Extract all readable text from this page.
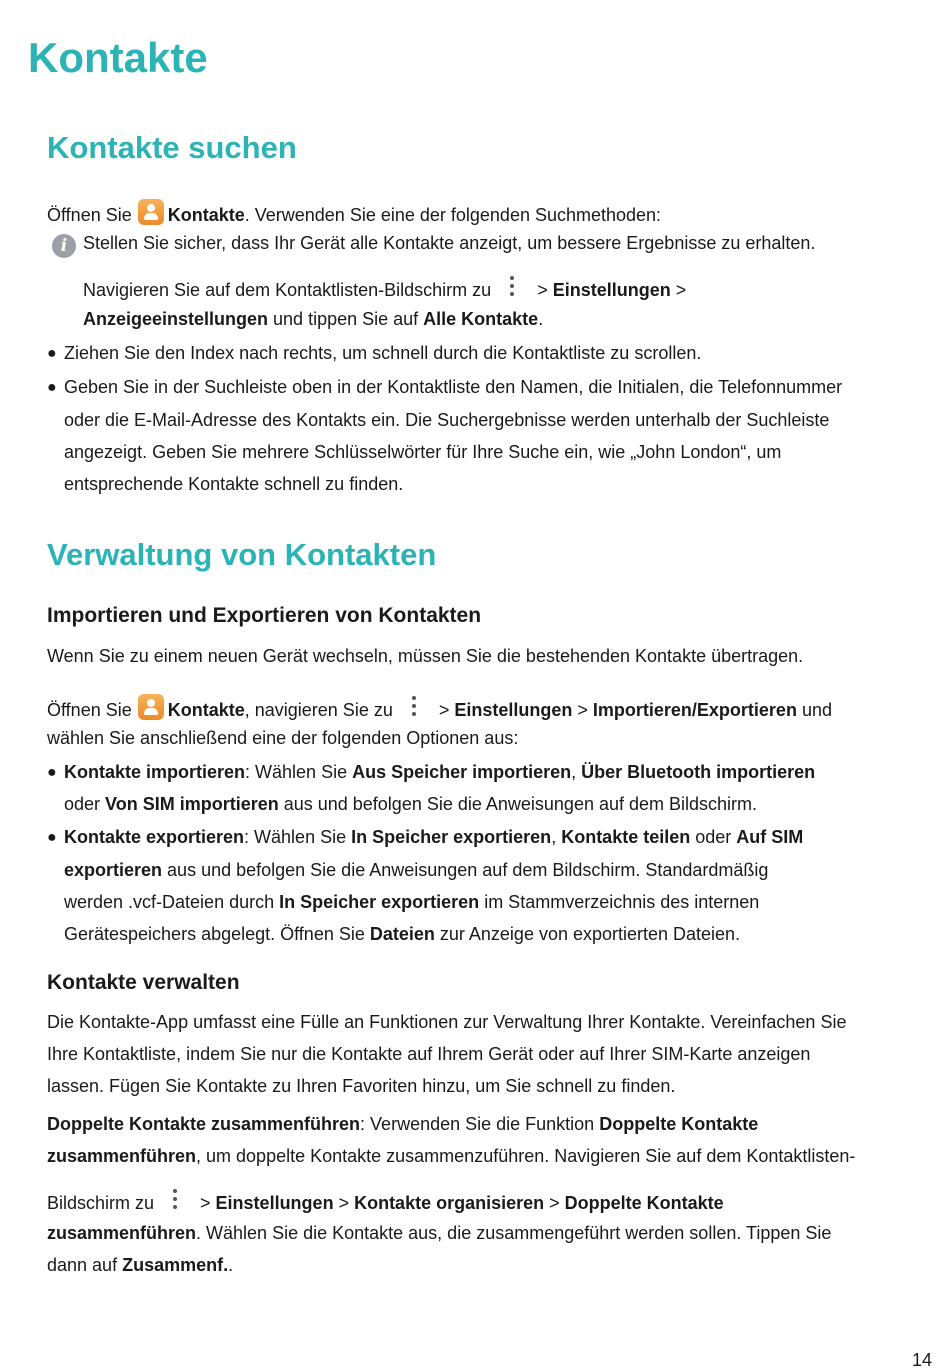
Kontakte
Kontakte suchen
Öffnen Sie Kontakte. Verwenden Sie eine der folgenden Suchmethoden:
i Stellen Sie sicher, dass Ihr Gerät alle Kontakte anzeigt, um bessere Ergebnisse zu erhalten.
Navigieren Sie auf dem Kontaktlisten-Bildschirm zu	> Einstellungen >
Anzeigeeinstellungen und tippen Sie auf Alle Kontakte.
● Ziehen Sie den Index nach rechts, um schnell durch die Kontaktliste zu scrollen.
● Geben Sie in der Suchleiste oben in der Kontaktliste den Namen, die Initialen, die Telefonnummer
oder die E-Mail-Adresse des Kontakts ein. Die Suchergebnisse werden unterhalb der Suchleiste
angezeigt. Geben Sie mehrere Schlüsselwörter für Ihre Suche ein, wie „John London“, um
entsprechende Kontakte schnell zu finden.
Verwaltung von Kontakten
Importieren und Exportieren von Kontakten
Wenn Sie zu einem neuen Gerät wechseln, müssen Sie die bestehenden Kontakte übertragen.
Öffnen Sie Kontakte, navigieren Sie zu	> Einstellungen > Importieren/Exportieren und
wählen Sie anschließend eine der folgenden Optionen aus:
● Kontakte importieren: Wählen Sie Aus Speicher importieren, Über Bluetooth importieren
oder Von SIM importieren aus und befolgen Sie die Anweisungen auf dem Bildschirm.
● Kontakte exportieren: Wählen Sie In Speicher exportieren, Kontakte teilen oder Auf SIM
exportieren aus und befolgen Sie die Anweisungen auf dem Bildschirm. Standardmäßig
werden .vcf-Dateien durch In Speicher exportieren im Stammverzeichnis des internen
Gerätespeichers abgelegt. Öffnen Sie Dateien zur Anzeige von exportierten Dateien.
Kontakte verwalten
Die Kontakte-App umfasst eine Fülle an Funktionen zur Verwaltung Ihrer Kontakte. Vereinfachen Sie
Ihre Kontaktliste, indem Sie nur die Kontakte auf Ihrem Gerät oder auf Ihrer SIM-Karte anzeigen
lassen. Fügen Sie Kontakte zu Ihren Favoriten hinzu, um Sie schnell zu finden.
Doppelte Kontakte zusammenführen: Verwenden Sie die Funktion Doppelte Kontakte
zusammenführen, um doppelte Kontakte zusammenzuführen. Navigieren Sie auf dem Kontaktlisten-
Bildschirm zu	> Einstellungen > Kontakte organisieren > Doppelte Kontakte
zusammenführen. Wählen Sie die Kontakte aus, die zusammengeführt werden sollen. Tippen Sie
dann auf Zusammenf..
14
